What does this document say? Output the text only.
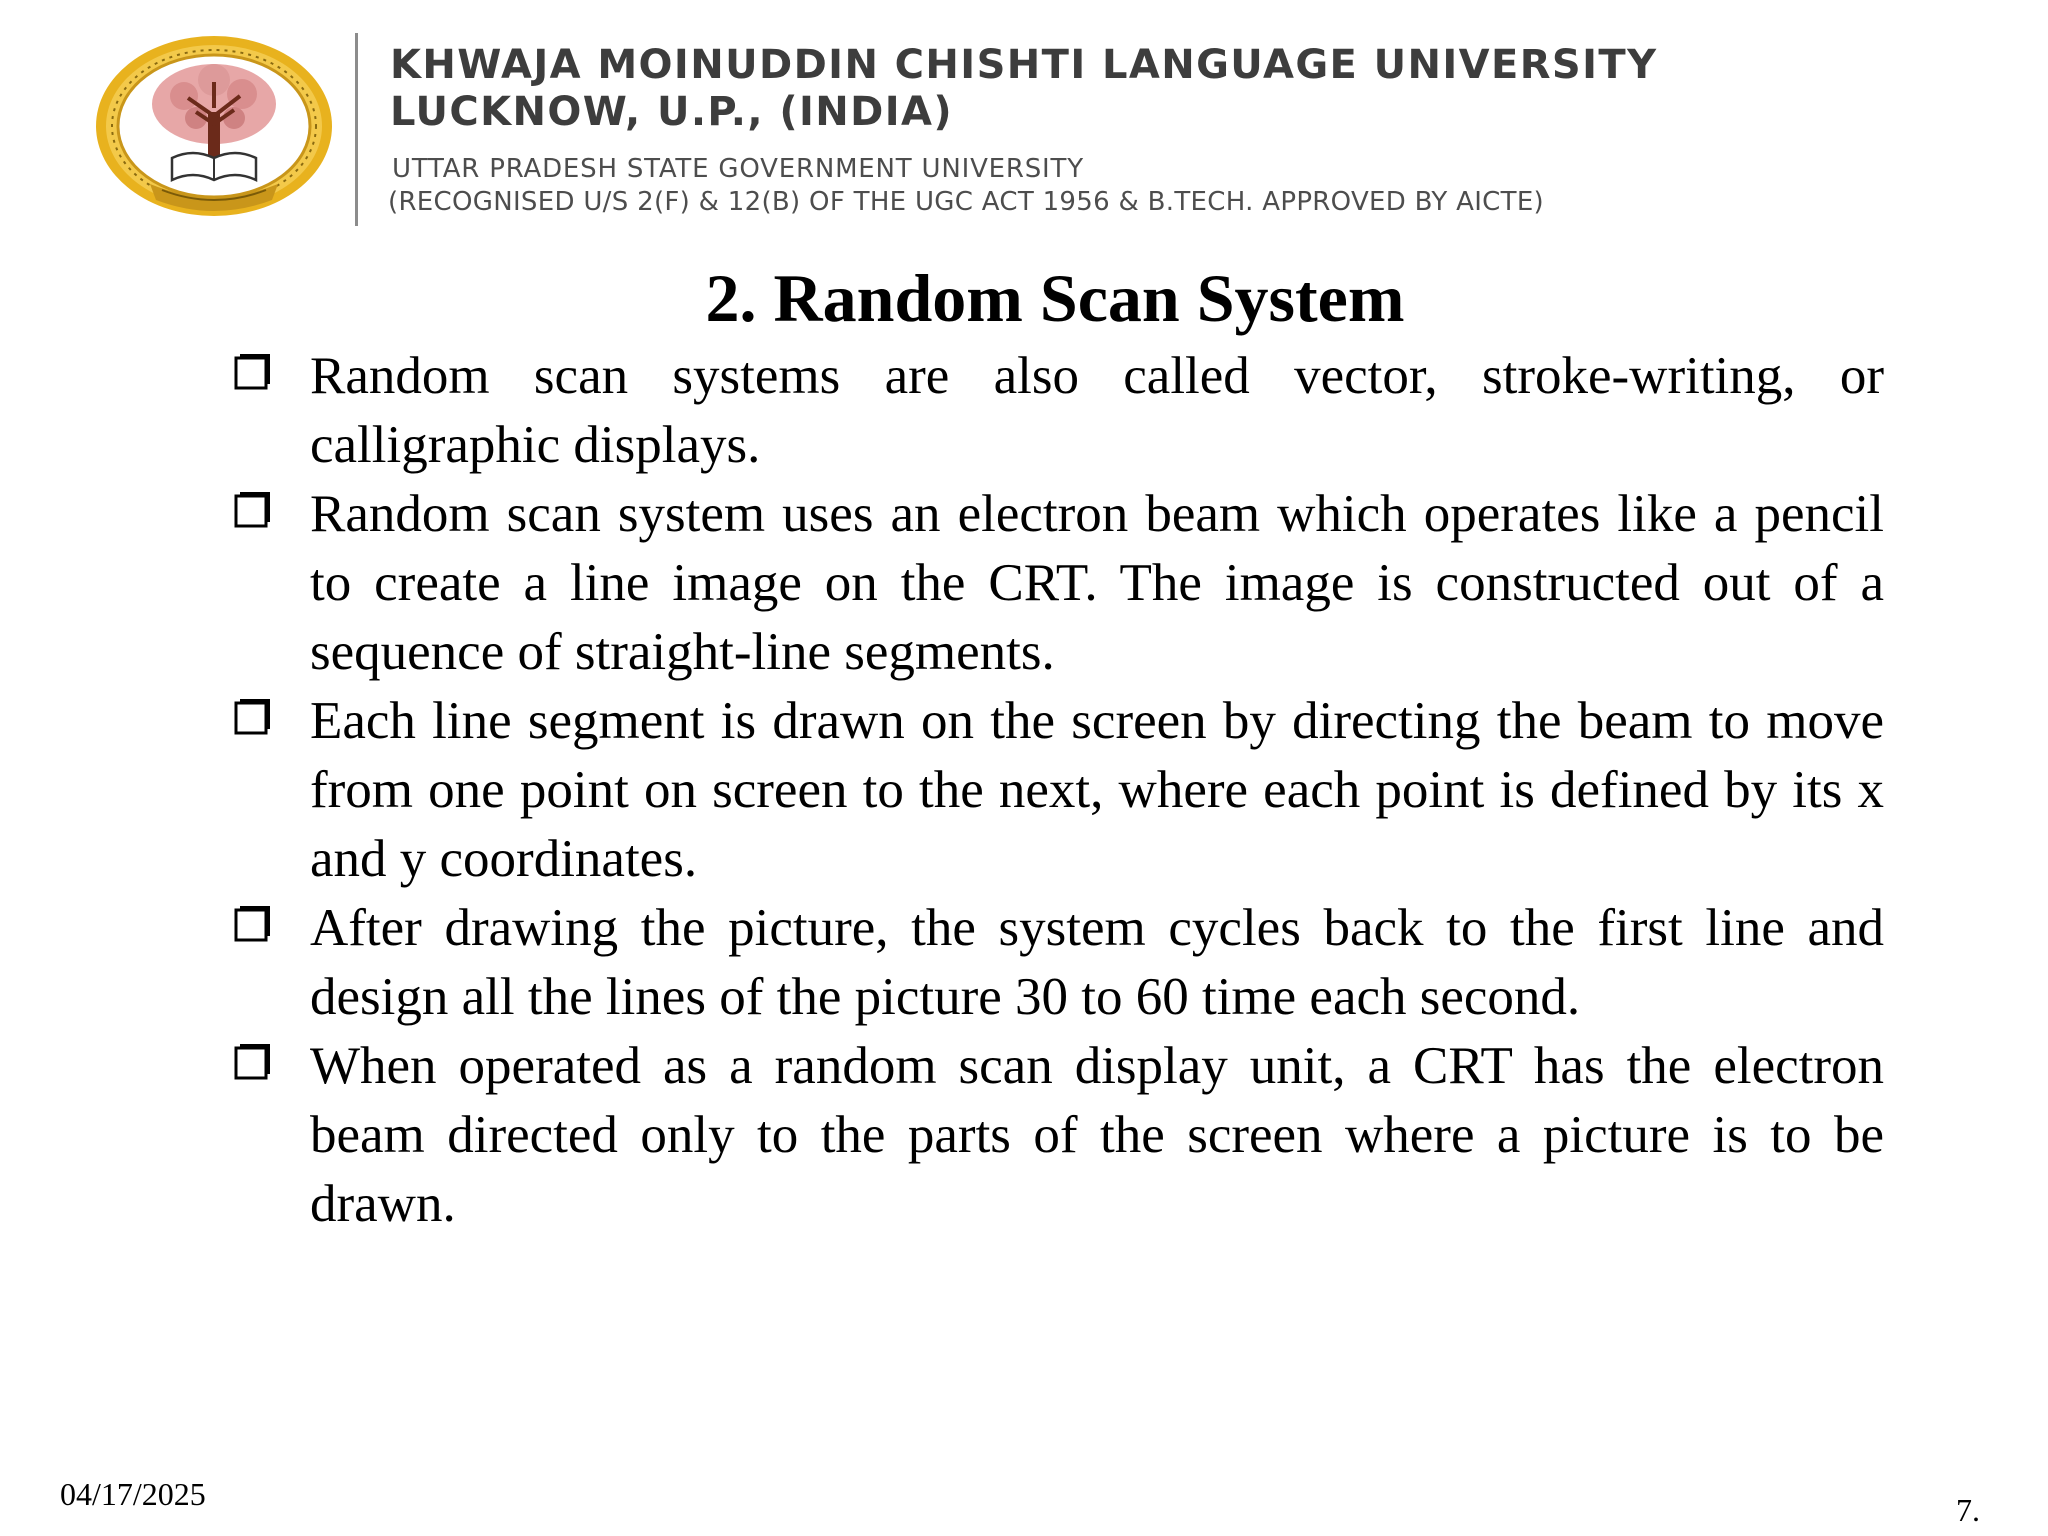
KHWAJA MOINUDDIN CHISHTI LANGUAGE UNIVERSITY
LUCKNOW, U.P., (INDIA)
UTTAR PRADESH STATE GOVERNMENT UNIVERSITY
(RECOGNISED U/S 2(F) & 12(B) OF THE UGC ACT 1956 & B.TECH. APPROVED BY AICTE)
2. Random Scan System
Random scan systems are also called vector, stroke-writing, or calligraphic displays.
Random scan system uses an electron beam which operates like a pencil to create a line image on the CRT. The image is constructed out of a sequence of straight-line segments.
Each line segment is drawn on the screen by directing the beam to move from one point on screen to the next, where each point is defined by its x and y coordinates.
After drawing the picture, the system cycles back to the first line and design all the lines of the picture 30 to 60 time each second.
When operated as a random scan display unit, a CRT has the electron beam directed only to the parts of the screen where a picture is to be drawn.
04/17/2025	7.
